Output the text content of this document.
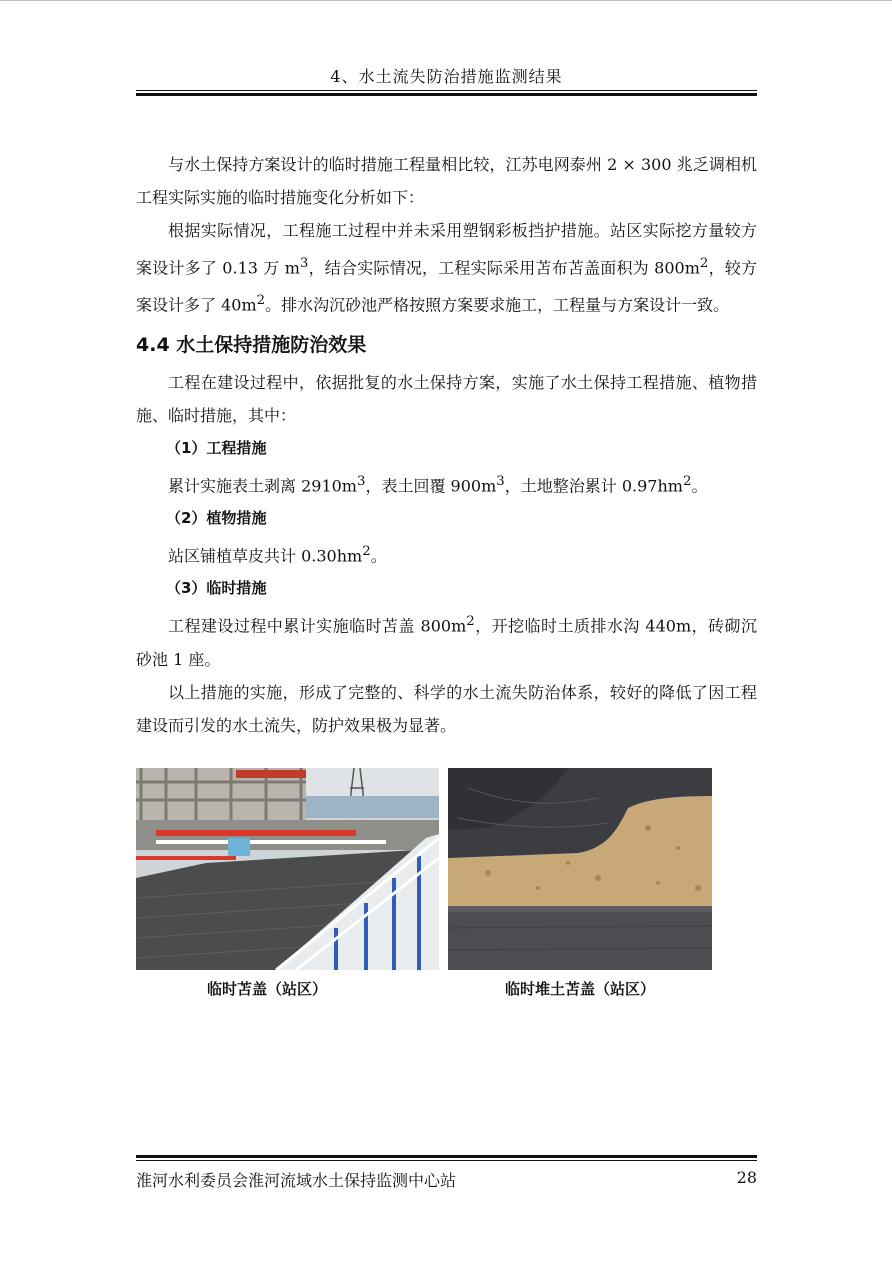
4、水土流失防治措施监测结果

与水土保持方案设计的临时措施工程量相比较，江苏电网泰州 2 × 300 兆乏调相机工程实际实施的临时措施变化分析如下：

根据实际情况，工程施工过程中并未采用塑钢彩板挡护措施。站区实际挖方量较方案设计多了 0.13 万 $m^3$，结合实际情况，工程实际采用苫布苫盖面积为 $800m^2$，较方案设计多了 $40m^2$。排水沟沉砂池严格按照方案要求施工，工程量与方案设计一致。

4.4 水土保持措施防治效果

工程在建设过程中，依据批复的水土保持方案，实施了水土保持工程措施、植物措施、临时措施，其中：

（1）工程措施

累计实施表土剥离 $2910m^3$，表土回覆 $900m^3$，土地整治累计 $0.97hm^2$。

（2）植物措施

站区铺植草皮共计 $0.30hm^2$。

（3）临时措施

工程建设过程中累计实施临时苫盖 $800m^2$，开挖临时土质排水沟 440m，砖砌沉砂池 1 座。

以上措施的实施，形成了完整的、科学的水土流失防治体系，较好的降低了因工程建设而引发的水土流失，防护效果极为显著。

临时苫盖（站区）	临时堆土苫盖（站区）
淮河水利委员会淮河流域水土保持监测中心站	28
